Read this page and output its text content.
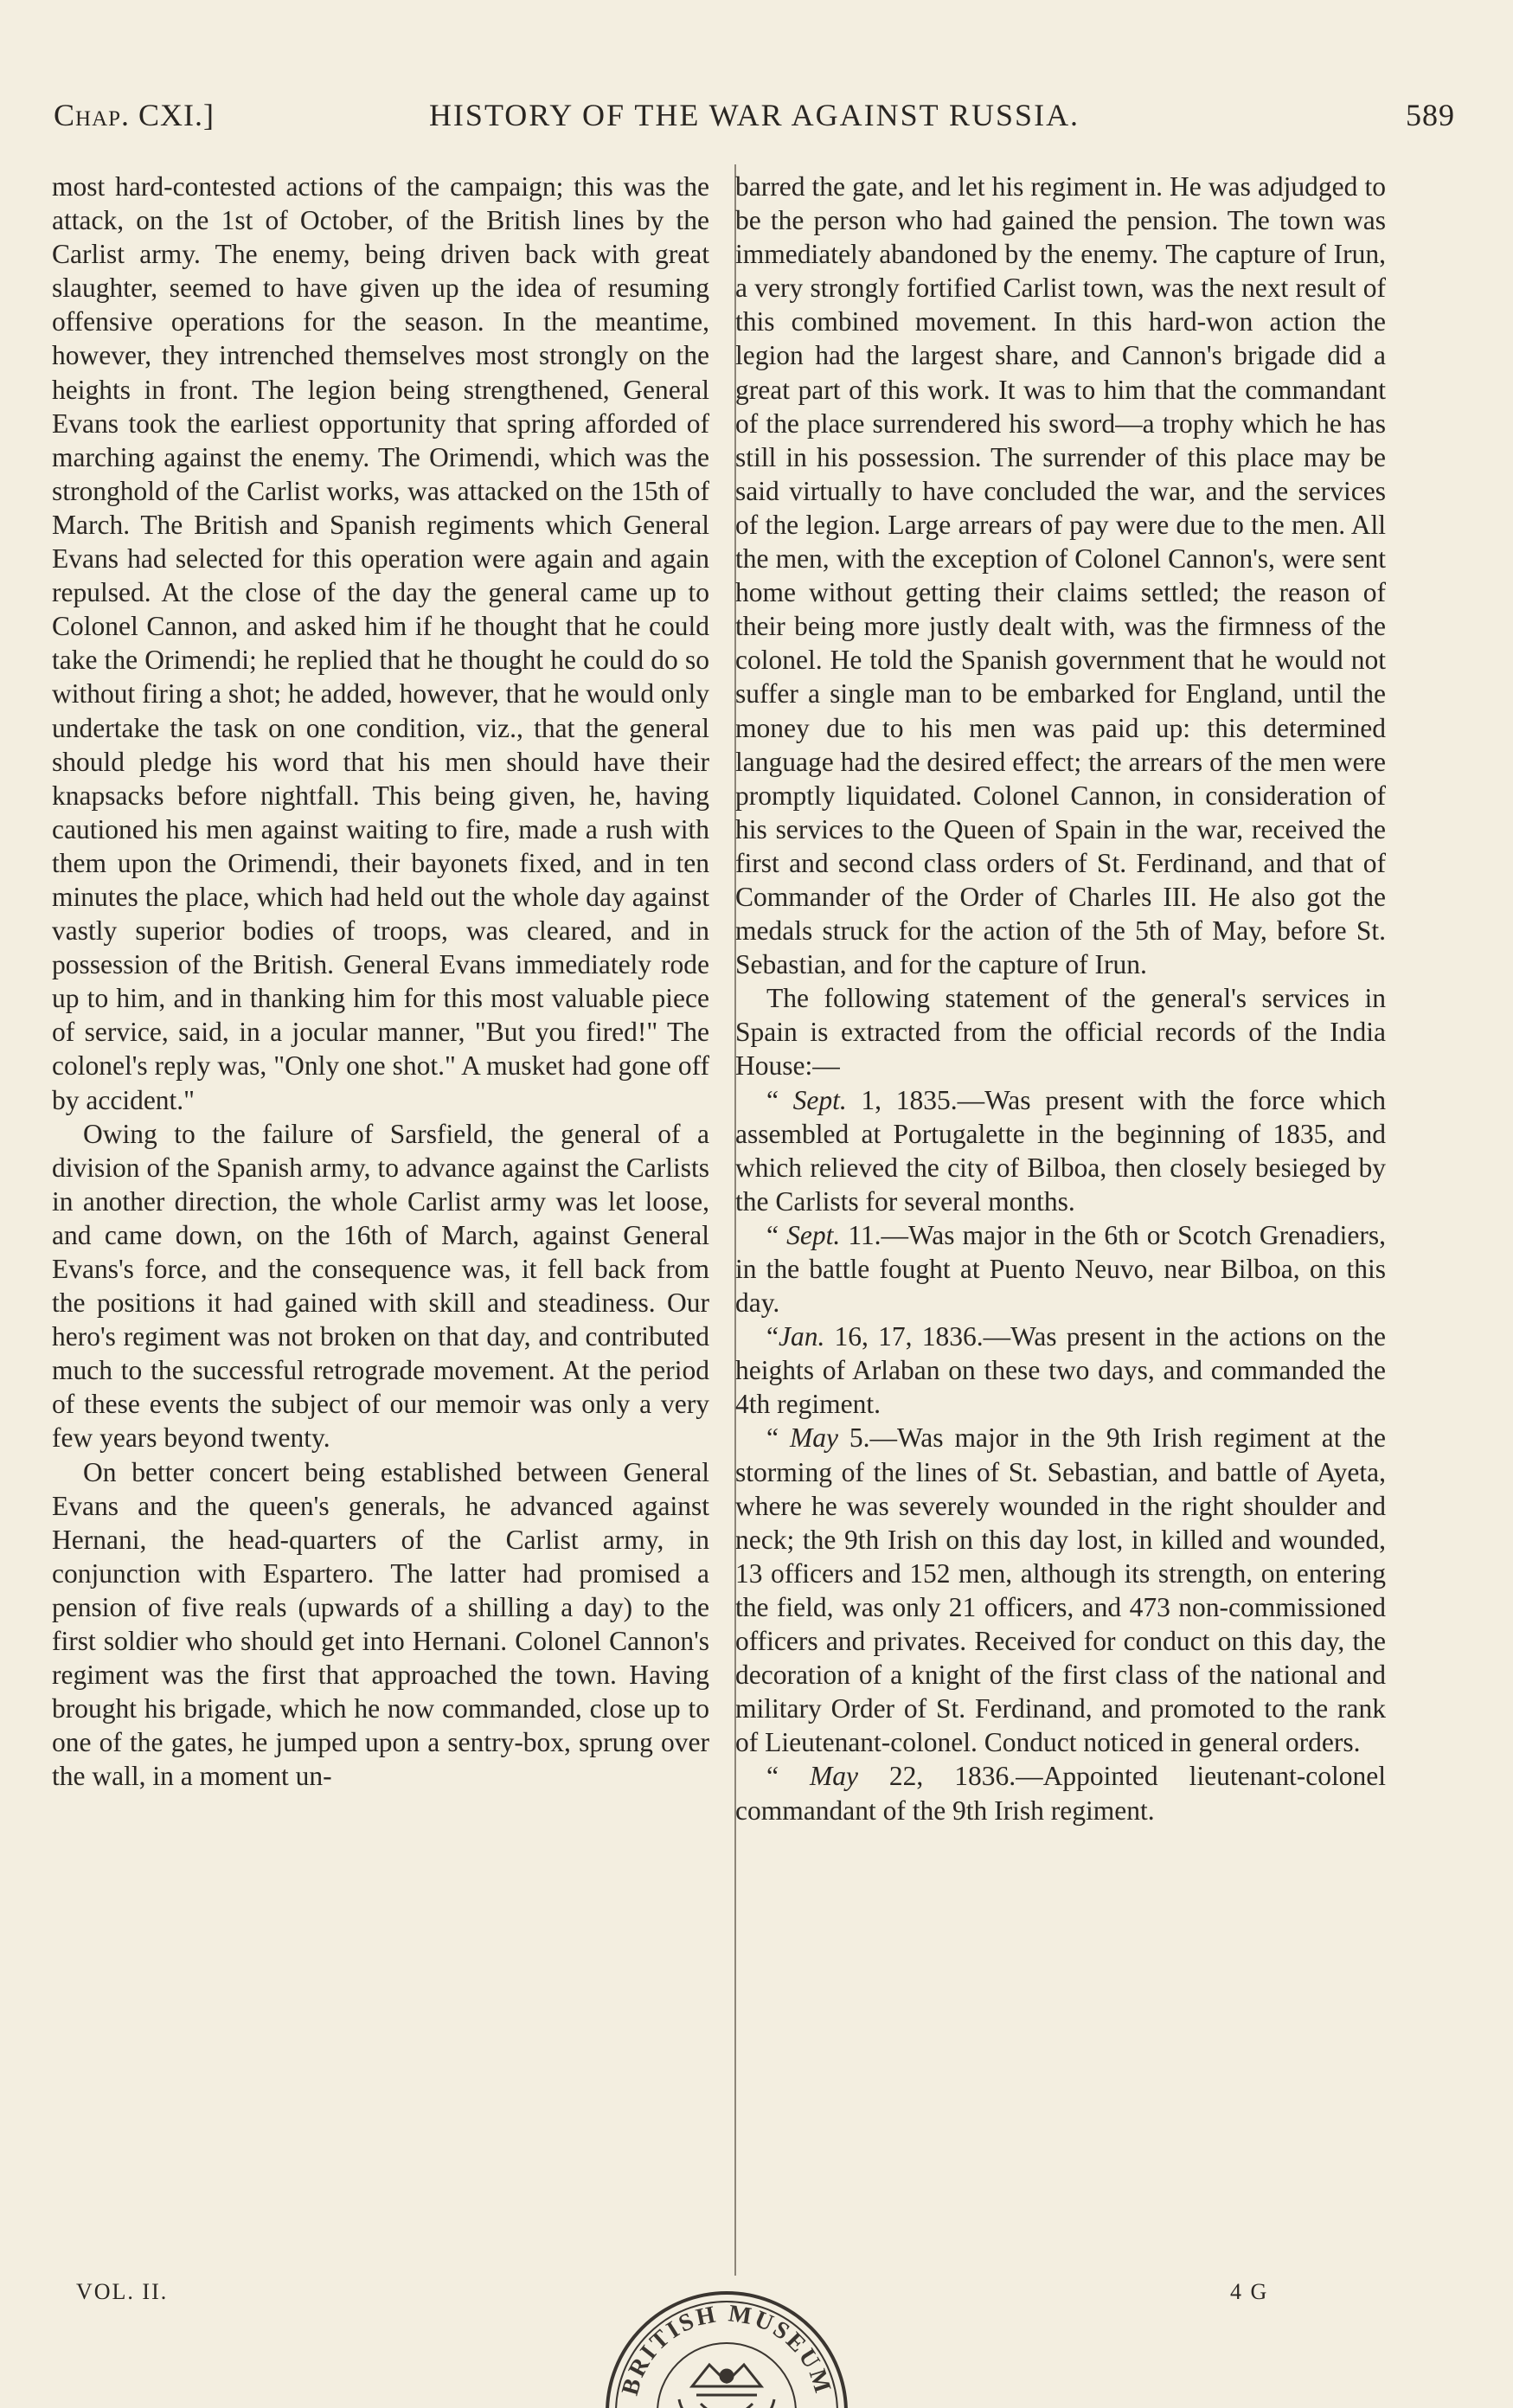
Chap. CXI.]	HISTORY OF THE WAR AGAINST RUSSIA.	589

most hard-contested actions of the campaign; this was the attack, on the 1st of October, of the British lines by the Carlist army. The enemy, being driven back with great slaughter, seemed to have given up the idea of resuming offensive operations for the season. In the meantime, however, they intrenched themselves most strongly on the heights in front. The legion being strengthened, General Evans took the earliest opportunity that spring afforded of marching against the enemy. The Orimendi, which was the stronghold of the Carlist works, was attacked on the 15th of March. The British and Spanish regiments which General Evans had selected for this operation were again and again repulsed. At the close of the day the general came up to Colonel Cannon, and asked him if he thought that he could take the Orimendi; he replied that he thought he could do so without firing a shot; he added, however, that he would only undertake the task on one condition, viz., that the general should pledge his word that his men should have their knapsacks before nightfall. This being given, he, having cautioned his men against waiting to fire, made a rush with them upon the Orimendi, their bayonets fixed, and in ten minutes the place, which had held out the whole day against vastly superior bodies of troops, was cleared, and in possession of the British. General Evans immediately rode up to him, and in thanking him for this most valuable piece of service, said, in a jocular manner, "But you fired!" The colonel's reply was, "Only one shot." A musket had gone off by accident."

Owing to the failure of Sarsfield, the general of a division of the Spanish army, to advance against the Carlists in another direction, the whole Carlist army was let loose, and came down, on the 16th of March, against General Evans's force, and the consequence was, it fell back from the positions it had gained with skill and steadiness. Our hero's regiment was not broken on that day, and contributed much to the successful retrograde movement. At the period of these events the subject of our memoir was only a very few years beyond twenty.

On better concert being established between General Evans and the queen's generals, he advanced against Hernani, the head-quarters of the Carlist army, in conjunction with Espartero. The latter had promised a pension of five reals (upwards of a shilling a day) to the first soldier who should get into Hernani. Colonel Cannon's regiment was the first that approached the town. Having brought his brigade, which he now commanded, close up to one of the gates, he jumped upon a sentry-box, sprung over the wall, in a moment un-

barred the gate, and let his regiment in. He was adjudged to be the person who had gained the pension. The town was immediately abandoned by the enemy. The capture of Irun, a very strongly fortified Carlist town, was the next result of this combined movement. In this hard-won action the legion had the largest share, and Cannon's brigade did a great part of this work. It was to him that the commandant of the place surrendered his sword—a trophy which he has still in his possession. The surrender of this place may be said virtually to have concluded the war, and the services of the legion. Large arrears of pay were due to the men. All the men, with the exception of Colonel Cannon's, were sent home without getting their claims settled; the reason of their being more justly dealt with, was the firmness of the colonel. He told the Spanish government that he would not suffer a single man to be embarked for England, until the money due to his men was paid up: this determined language had the desired effect; the arrears of the men were promptly liquidated. Colonel Cannon, in consideration of his services to the Queen of Spain in the war, received the first and second class orders of St. Ferdinand, and that of Commander of the Order of Charles III. He also got the medals struck for the action of the 5th of May, before St. Sebastian, and for the capture of Irun.

The following statement of the general's services in Spain is extracted from the official records of the India House:—

“ Sept. 1, 1835.—Was present with the force which assembled at Portugalette in the beginning of 1835, and which relieved the city of Bilboa, then closely besieged by the Carlists for several months.

“ Sept. 11.—Was major in the 6th or Scotch Grenadiers, in the battle fought at Puento Neuvo, near Bilboa, on this day.

“Jan. 16, 17, 1836.—Was present in the actions on the heights of Arlaban on these two days, and commanded the 4th regiment.

“ May 5.—Was major in the 9th Irish regiment at the storming of the lines of St. Sebastian, and battle of Ayeta, where he was severely wounded in the right shoulder and neck; the 9th Irish on this day lost, in killed and wounded, 13 officers and 152 men, although its strength, on entering the field, was only 21 officers, and 473 non-commissioned officers and privates. Received for conduct on this day, the decoration of a knight of the first class of the national and military Order of St. Ferdinand, and promoted to the rank of Lieutenant-colonel. Conduct noticed in general orders.

“ May 22, 1836.—Appointed lieutenant-colonel commandant of the 9th Irish regiment.

VOL. II.	4 G
BRITISH MUSEUM
